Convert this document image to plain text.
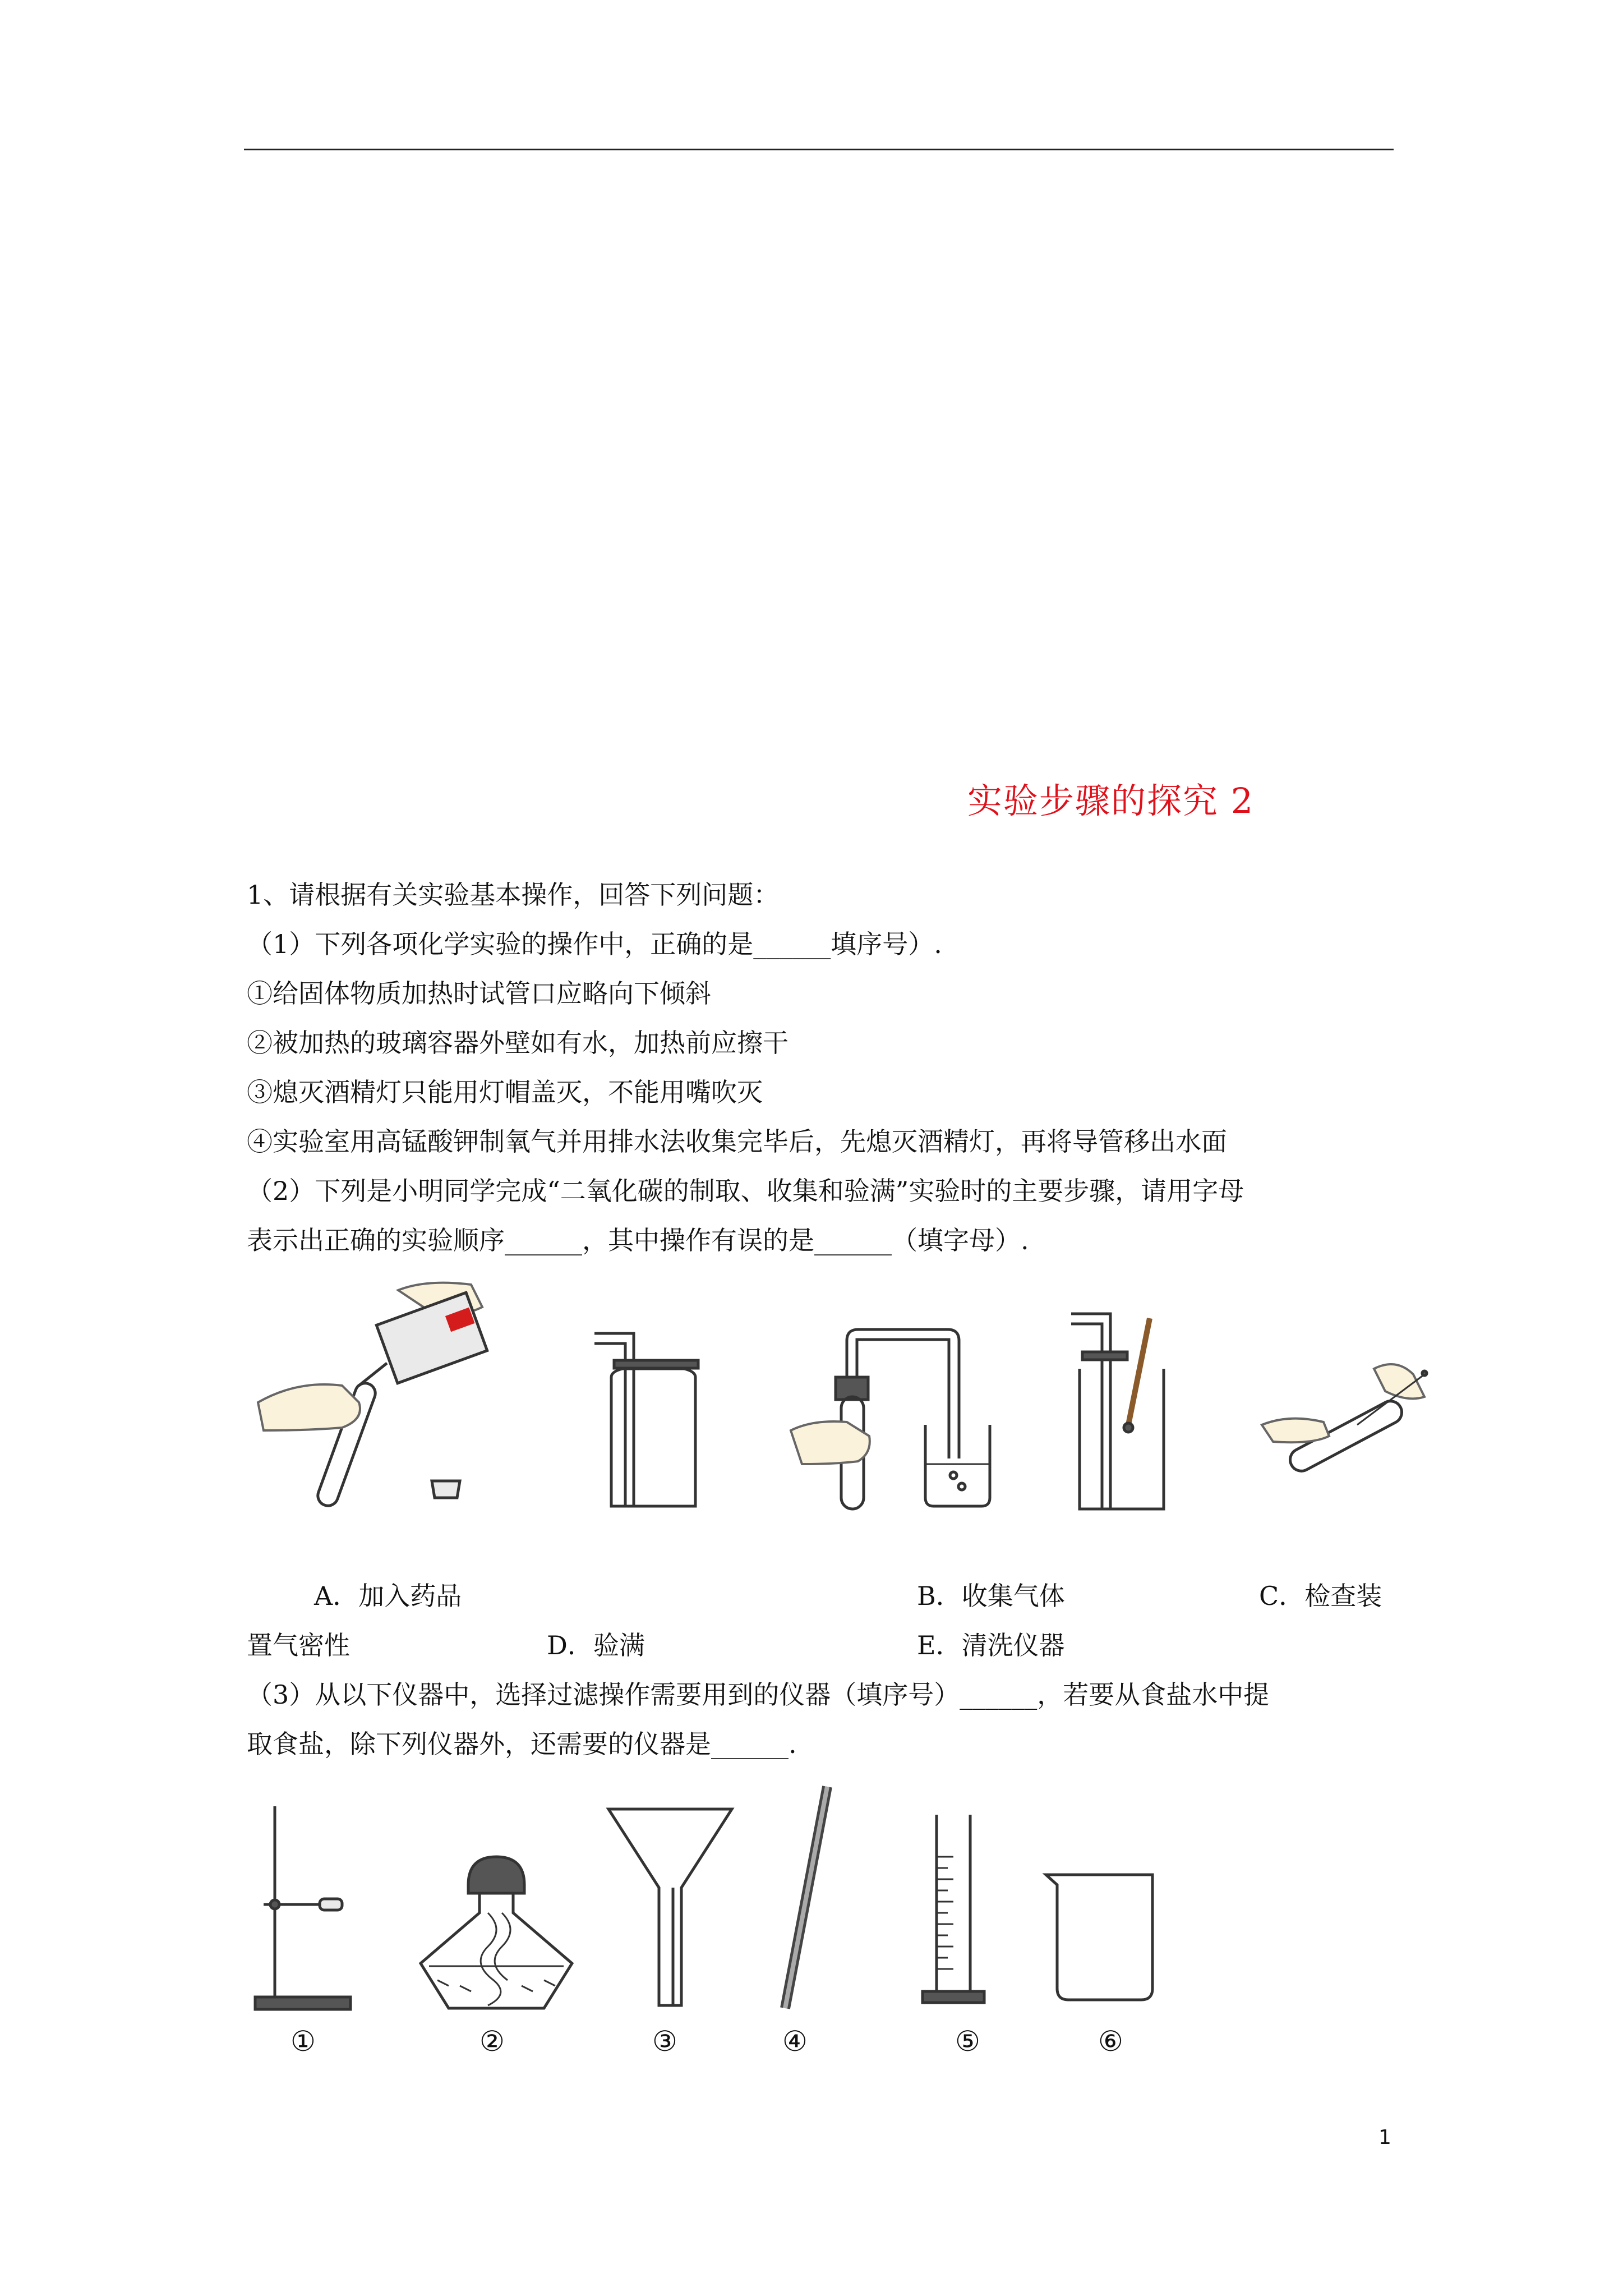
实验步骤的探究 2
1、请根据有关实验基本操作，回答下列问题：
（1）下列各项化学实验的操作中，正确的是______填序号）.
①给固体物质加热时试管口应略向下倾斜
②被加热的玻璃容器外壁如有水，加热前应擦干
③熄灭酒精灯只能用灯帽盖灭，不能用嘴吹灭
④实验室用高锰酸钾制氧气并用排水法收集完毕后，先熄灭酒精灯，再将导管移出水面
（2）下列是小明同学完成“二氧化碳的制取、收集和验满”实验时的主要步骤，请用字母
表示出正确的实验顺序______，其中操作有误的是______（填字母）.
A．加入药品	B．收集气体	C．检查装
置气密性	D．验满	E．清洗仪器
（3）从以下仪器中，选择过滤操作需要用到的仪器（填序号）______，若要从食盐水中提
取食盐，除下列仪器外，还需要的仪器是______.
①	②	③	④	⑤	⑥
1
